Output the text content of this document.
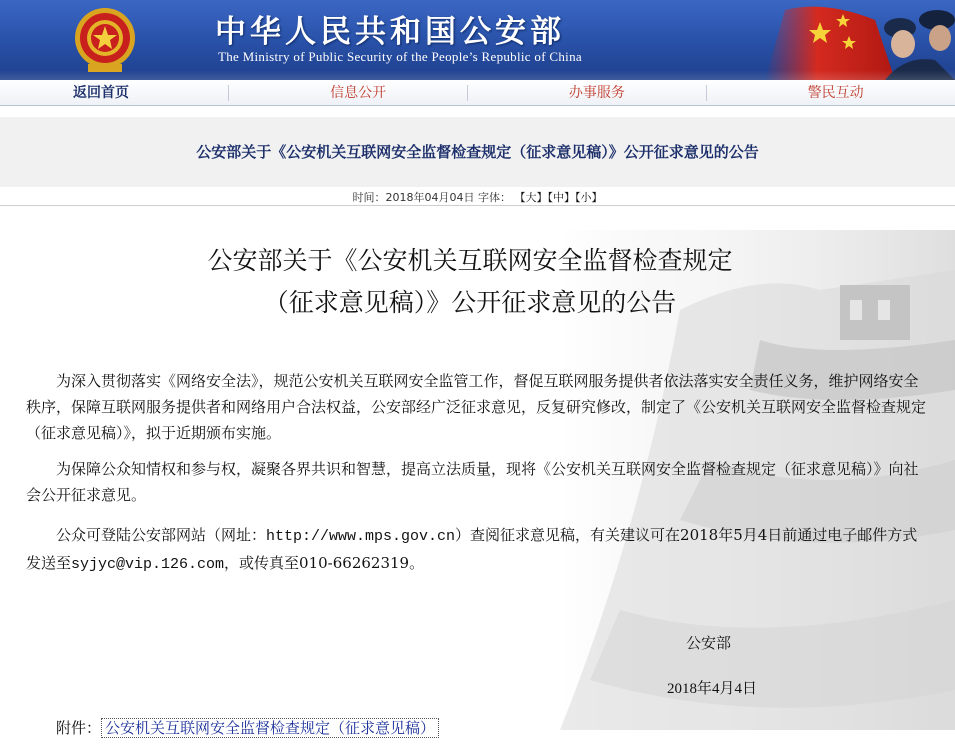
中华人民共和国公安部
The Ministry of Public Security of the People’s Republic of China
返回首页	信息公开	办事服务	警民互动
公安部关于《公安机关互联网安全监督检查规定（征求意见稿）》公开征求意见的公告
时间：2018年04月04日 字体： 【大】【中】【小】
公安部关于《公安机关互联网安全监督检查规定
（征求意见稿）》公开征求意见的公告
为深入贯彻落实《网络安全法》，规范公安机关互联网安全监管工作，督促互联网服务提供者依法落实安全责任义务，维护网络安全秩序，保障互联网服务提供者和网络用户合法权益，公安部经广泛征求意见，反复研究修改，制定了《公安机关互联网安全监督检查规定（征求意见稿）》，拟于近期颁布实施。
为保障公众知情权和参与权，凝聚各界共识和智慧，提高立法质量，现将《公安机关互联网安全监督检查规定（征求意见稿）》向社会公开征求意见。
公众可登陆公安部网站（网址：http://www.mps.gov.cn）查阅征求意见稿，有关建议可在2018年5月4日前通过电子邮件方式发送至syjyc@vip.126.com，或传真至010-66262319。
公安部
2018年4月4日
附件： 公安机关互联网安全监督检查规定（征求意见稿）
